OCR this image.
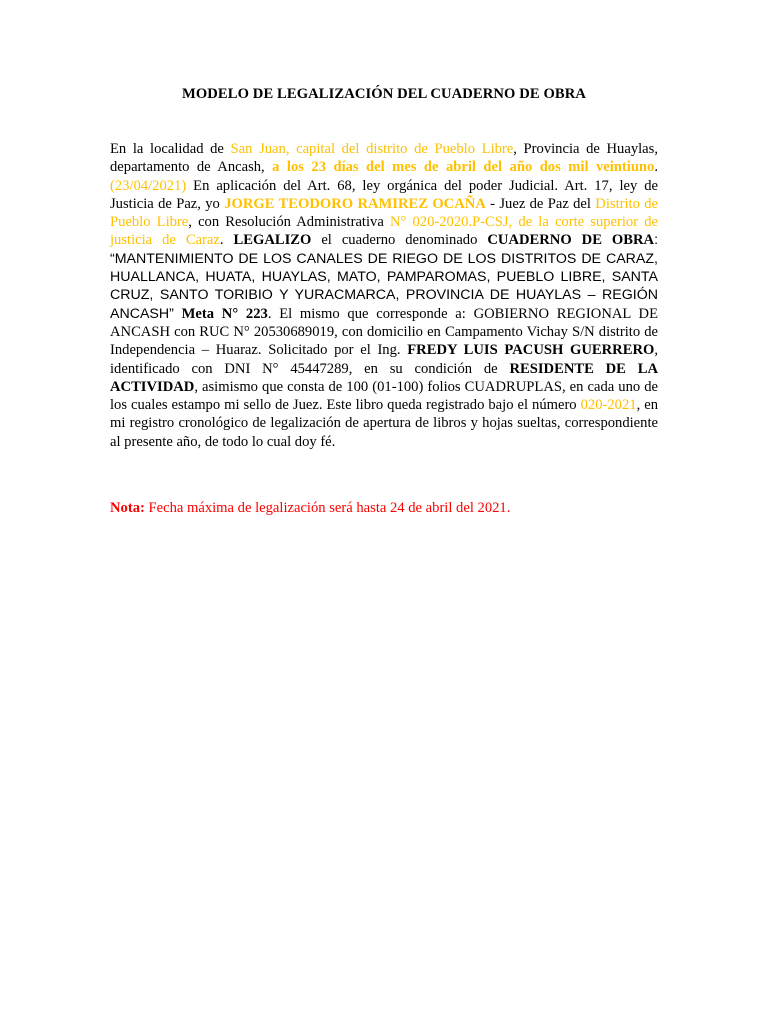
MODELO DE LEGALIZACIÓN DEL CUADERNO DE OBRA
En la localidad de San Juan, capital del distrito de Pueblo Libre, Provincia de Huaylas, departamento de Ancash, a los 23 días del mes de abril del año dos mil veintiuno. (23/04/2021) En aplicación del Art. 68, ley orgánica del poder Judicial. Art. 17, ley de Justicia de Paz, yo JORGE TEODORO RAMIREZ OCAÑA - Juez de Paz del Distrito de Pueblo Libre, con Resolución Administrativa N° 020-2020.P-CSJ, de la corte superior de justicia de Caraz. LEGALIZO el cuaderno denominado CUADERNO DE OBRA: “MANTENIMIENTO DE LOS CANALES DE RIEGO DE LOS DISTRITOS DE CARAZ, HUALLANCA, HUATA, HUAYLAS, MATO, PAMPAROMAS, PUEBLO LIBRE, SANTA CRUZ, SANTO TORIBIO Y YURACMARCA, PROVINCIA DE HUAYLAS – REGIÓN ANCASH” Meta N° 223. El mismo que corresponde a: GOBIERNO REGIONAL DE ANCASH con RUC N° 20530689019, con domicilio en Campamento Vichay S/N distrito de Independencia – Huaraz. Solicitado por el Ing. FREDY LUIS PACUSH GUERRERO, identificado con DNI N° 45447289, en su condición de RESIDENTE DE LA ACTIVIDAD, asimismo que consta de 100 (01-100) folios CUADRUPLAS, en cada uno de los cuales estampo mi sello de Juez. Este libro queda registrado bajo el número 020-2021, en mi registro cronológico de legalización de apertura de libros y hojas sueltas, correspondiente al presente año, de todo lo cual doy fé.
Nota: Fecha máxima de legalización será hasta 24 de abril del 2021.
